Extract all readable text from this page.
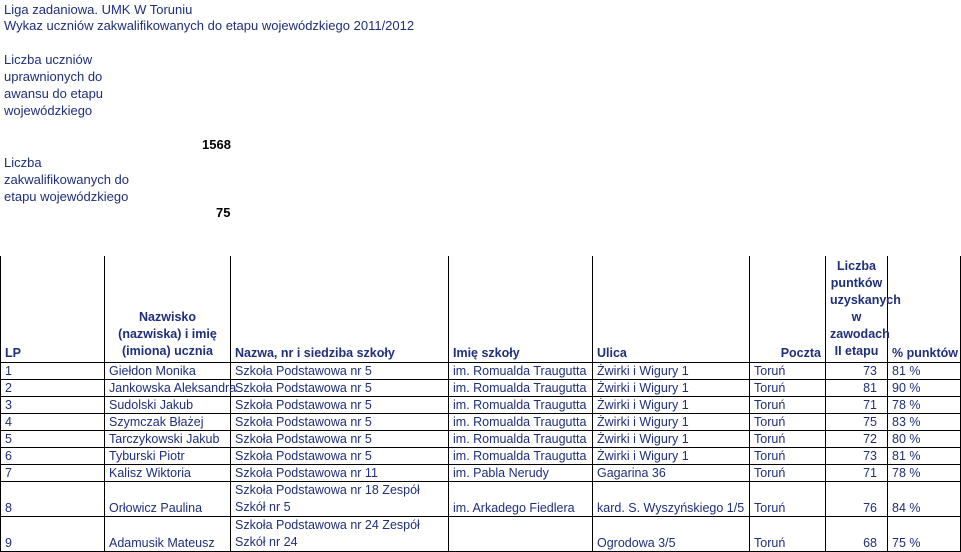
Liga zadaniowa. UMK W Toruniu
Wykaz uczniów zakwalifikowanych do etapu wojewódzkiego 2011/2012
Liczba uczniów uprawnionych do awansu do etapu wojewódzkiego
1568
Liczba zakwalifikowanych do etapu wojewódzkiego
75
LP	Nazwisko (nazwiska) i imię (imiona) ucznia	Nazwa, nr i siedziba szkoły	Imię szkoły	Ulica	Poczta	Liczba puntków uzyskanych w zawodach II etapu	% punktów
1	Giełdon Monika	Szkoła Podstawowa nr 5	im. Romualda Traugutta	Żwirki i Wigury 1	Toruń	73	81 %
2	Jankowska Aleksandra	Szkoła Podstawowa nr 5	im. Romualda Traugutta	Żwirki i Wigury 1	Toruń	81	90 %
3	Sudolski Jakub	Szkoła Podstawowa nr 5	im. Romualda Traugutta	Żwirki i Wigury 1	Toruń	71	78 %
4	Szymczak Błażej	Szkoła Podstawowa nr 5	im. Romualda Traugutta	Żwirki i Wigury 1	Toruń	75	83 %
5	Tarczykowski Jakub	Szkoła Podstawowa nr 5	im. Romualda Traugutta	Żwirki i Wigury 1	Toruń	72	80 %
6	Tyburski Piotr	Szkoła Podstawowa nr 5	im. Romualda Traugutta	Żwirki i Wigury 1	Toruń	73	81 %
7	Kalisz Wiktoria	Szkoła Podstawowa nr 11	im. Pabla Nerudy	Gagarina 36	Toruń	71	78 %
8	Orłowicz Paulina	Szkoła Podstawowa nr 18 Zespół Szkół nr 5	im. Arkadego Fiedlera	kard. S. Wyszyńskiego 1/5	Toruń	76	84 %
9	Adamusik Mateusz	Szkoła Podstawowa nr 24 Zespół Szkół nr 24		Ogrodowa 3/5	Toruń	68	75 %
